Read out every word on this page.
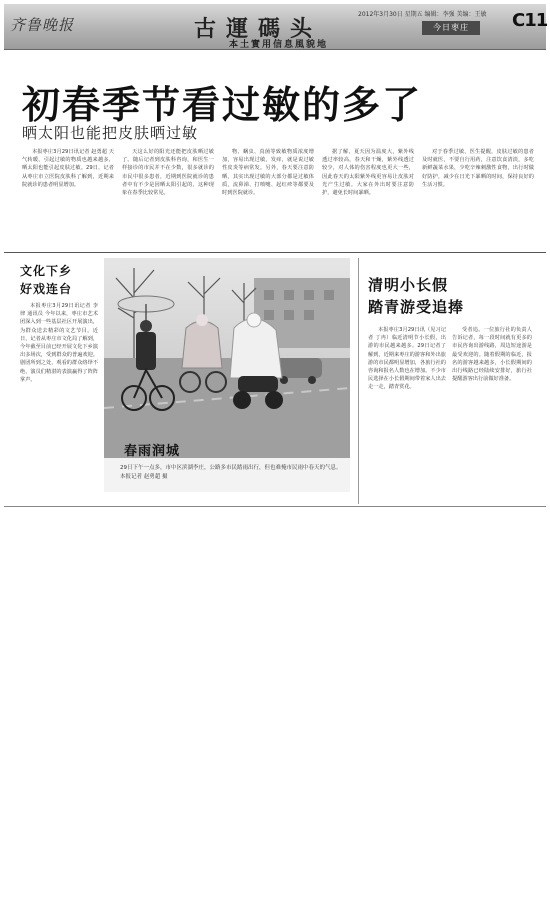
齐鲁晚报	古運碼头
本土實用信息風貌地
2012年3月30日 星期五 编辑：李强 美编：王敏
今日枣庄	C11
初春季节看过敏的多了
晒太阳也能把皮肤晒过敏

本报枣庄3月29日讯记者 赵勇超 天气转暖，引起过敏的物质也越来越多，晒太阳也能引起皮肤过敏。29日，记者从枣庄市立医院皮肤科了解到，近期来院就诊的患者明显增加。

天这么好的阳光还能把皮肤晒过敏了。随后记者到皮肤科咨询，和医生一样接诊的市民并不在少数，很多就诊的市民中很多患者，近期到医院就诊的患者中有不少是因晒太阳引起的，这种现象在春季比较常见。

物、螨虫、真菌等致敏物质浓度增加，容易出现过敏，发痒，就是说过敏性皮炎等病常发。另外，春天要注意防晒，其实出现过敏的大部分都是过敏体质，流鼻涕、打喷嚏、起红疹等都要及时到医院就诊。

据了解，夏天因为温度大，紫外线透过率较高，春天和干燥，紫外线透过较少，对人体的伤害程度也更大一些，因此春天的太阳紫外线更容易让皮肤对光产生过敏。大家在外出时要注意防护，避免长时间暴晒。

对于春季过敏，医生提醒，皮肤过敏的患者及时就医，不要自行用药，注意饮食清淡，多吃新鲜蔬菜水果，少吃辛辣刺激性食物，出行时做好防护，减少在日光下暴晒的时间，保持良好的生活习惯。

文化下乡
好戏连台

本报枣庄3月29日讯记者 李 律 通讯员 今年以来，枣庄市艺术团深入到一些基层社区开展演出，为群众送去精彩的文艺节目。近日，记者从枣庄市文化局了解到，今年截至目前已经开展文化下乡演出多场次，受到群众的普遍欢迎。剧团所到之处，观看的群众络绎不绝，演员们精湛的表演赢得了阵阵掌声。

春雨润城
29日下午一点多，市中区滨湖李庄，公路多市民踏雨出行，但也难掩市民雨中春天的气息。 本报记者 赵勇超 摄
清明小长假
踏青游受追捧

本报枣庄3月29日讯（见习记者 丁冉）临近清明节小长假，出游的市民越来越多。29日记者了解到，近期来枣庄的游客和外出旅游的市民都明显增加，各旅行社的咨询和报名人数也在增加。不少市民选择在小长假期间带着家人出去走一走，踏青赏花。

受者追。一位旅行社的负责人告诉记者，每一段时间就有更多的市民咨询出游线路，周边短途游是最受欢迎的。随着假期的临近，报名的游客越来越多，小长假期间的出行线路已经陆续安排好，旅行社提醒游客出行前做好准备。
